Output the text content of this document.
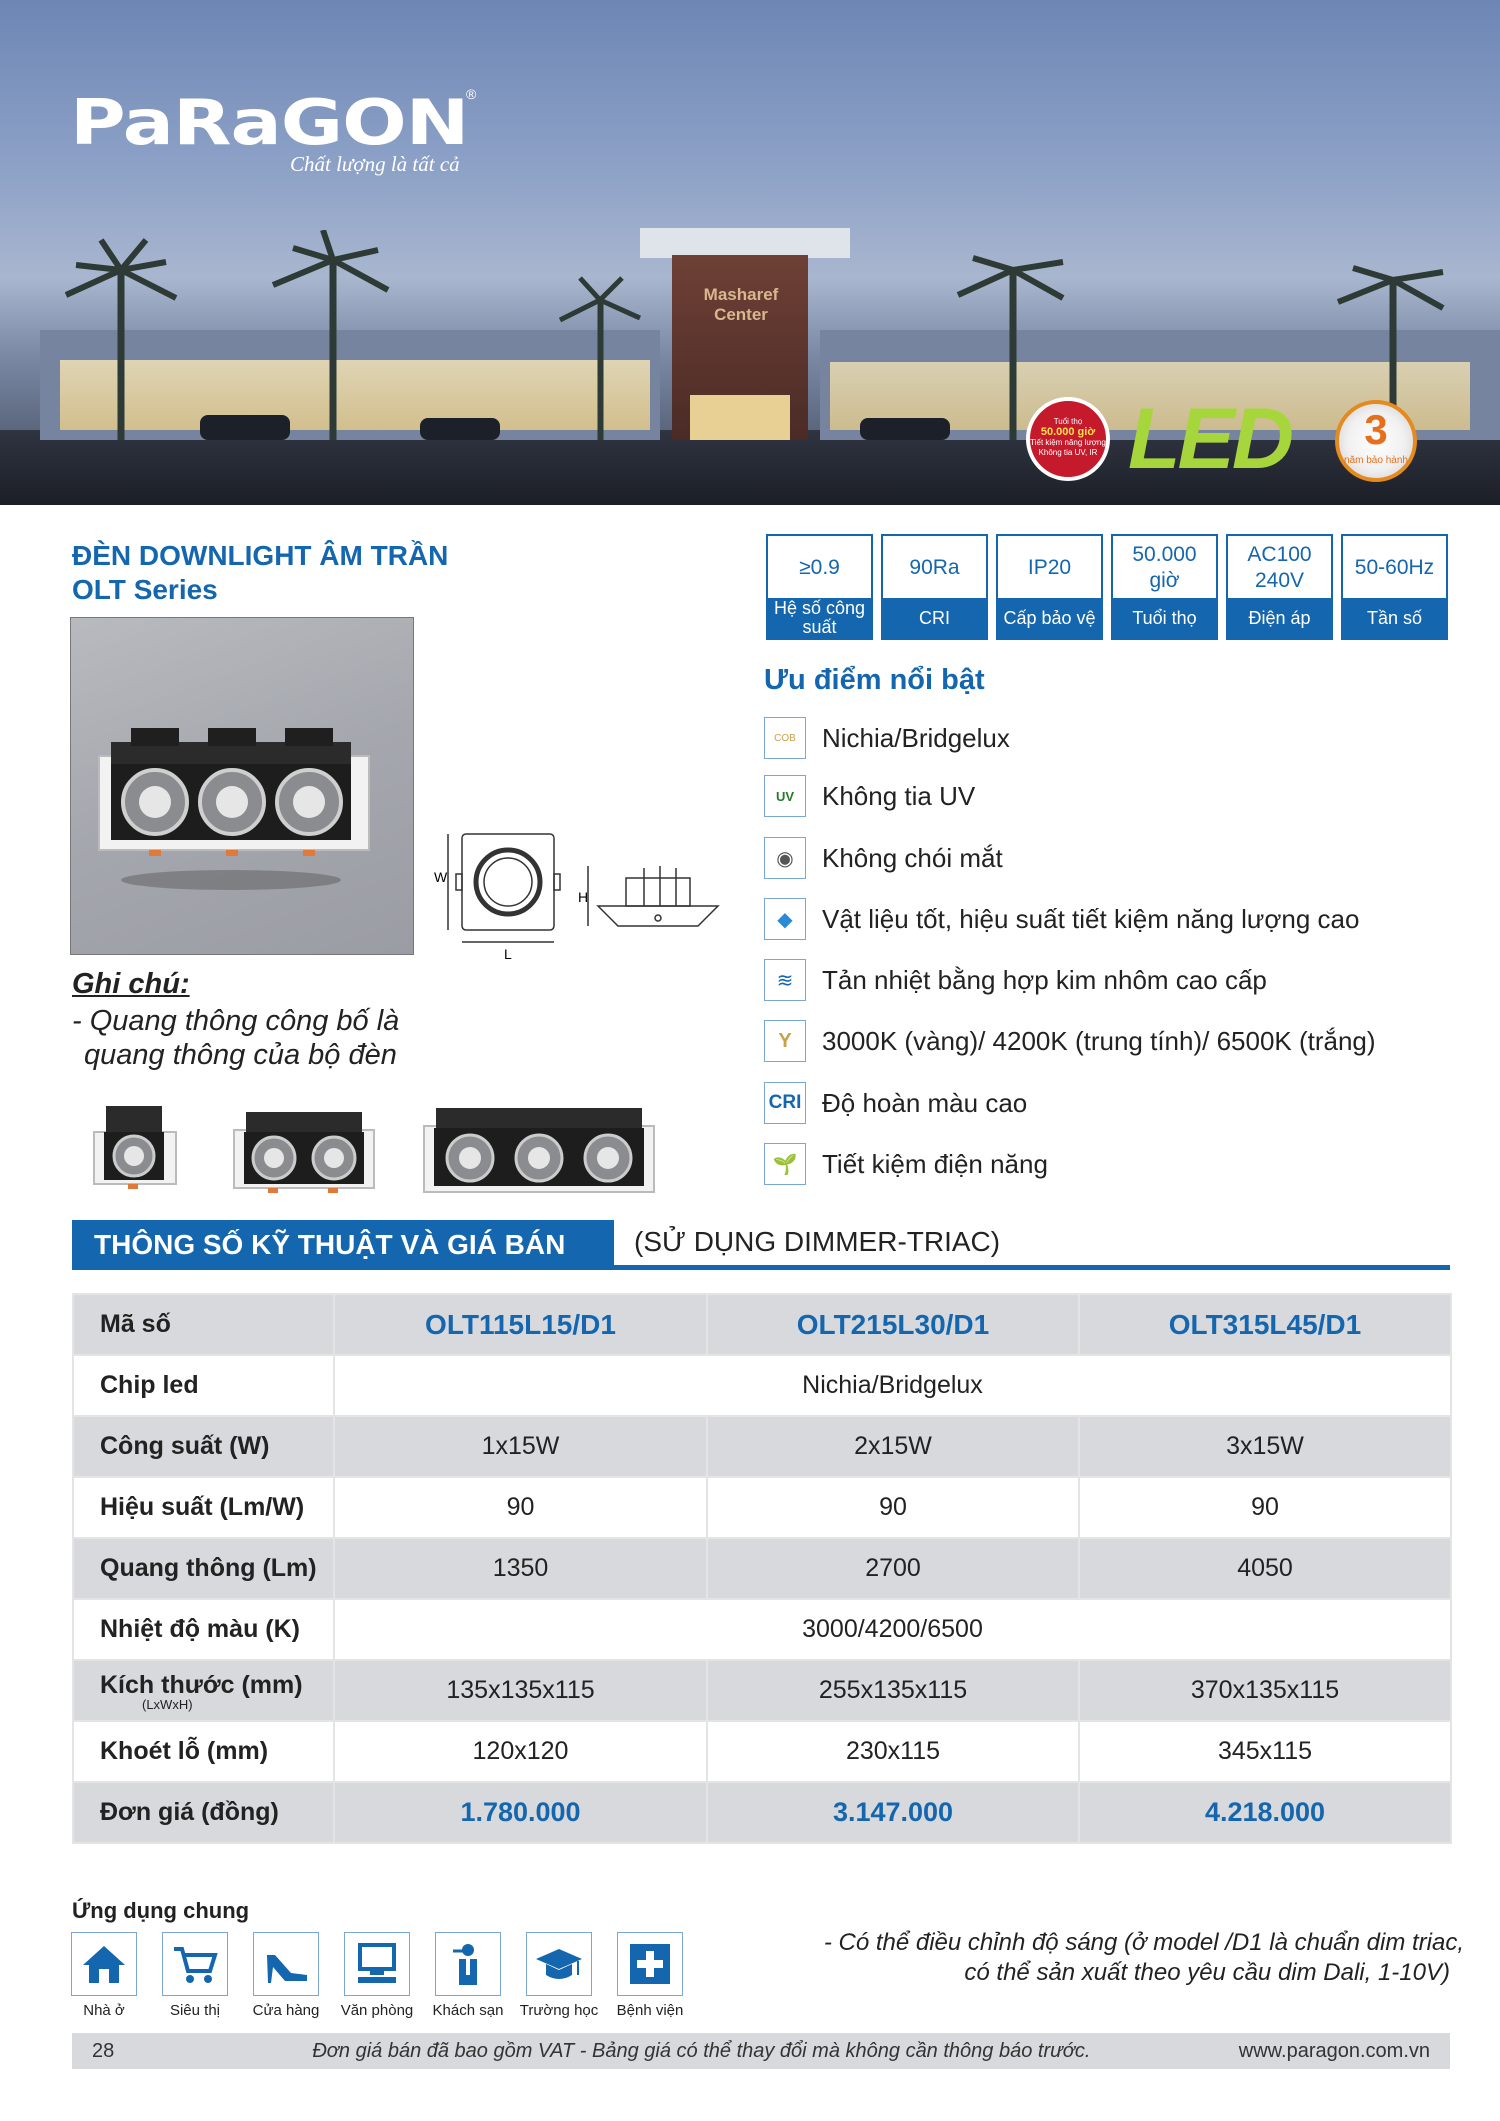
Masharef Center
PaRaGON
®
Chất lượng là tất cả
Tuổi thọ
50.000 giờ
Tiết kiệm năng lượng
Không tia UV, IR LED	3
năm bảo hành
ĐÈN DOWNLIGHT ÂM TRẦN
OLT Series
W
L
H
≥0.9
Hệ số công suất
90Ra
CRI
IP20
Cấp bảo vệ
50.000 giờ
Tuổi thọ
AC100 240V
Điện áp
50-60Hz
Tần số
Ưu điểm nổi bật
COB	Nichia/Bridgelux
UV	Không tia UV
◉	Không chói mắt
◆	Vật liệu tốt, hiệu suất tiết kiệm năng lượng cao
≋	Tản nhiệt bằng hợp kim nhôm cao cấp
Y	3000K (vàng)/ 4200K (trung tính)/ 6500K (trắng)
CRI Độ hoàn màu cao
🌱 Tiết kiệm điện năng
Ghi chú:
- Quang thông công bố là
quang thông của bộ đèn
THÔNG SỐ KỸ THUẬT VÀ GIÁ BÁN	(SỬ DỤNG DIMMER-TRIAC)
Mã số	OLT115L15/D1	OLT215L30/D1	OLT315L45/D1
Chip led	Nichia/Bridgelux		
Công suất (W)	1x15W	2x15W	3x15W
Hiệu suất (Lm/W)	90	90	90
Quang thông (Lm)	1350	2700	4050
Nhiệt độ màu (K)	3000/4200/6500		
Kích thước (mm)
(LxWxH)	135x135x115	255x135x115	370x135x115
Khoét lỗ (mm)	120x120	230x115	345x115
Đơn giá (đồng)	1.780.000	3.147.000	4.218.000
Ứng dụng chung
Nhà ở	Siêu thị	Cửa hàng	Văn phòng	Khách sạn	Trường học	Bệnh viện
- Có thể điều chỉnh độ sáng (ở model /D1 là chuẩn dim triac,
có thể sản xuất theo yêu cầu dim Dali, 1-10V)
28	Đơn giá bán đã bao gồm VAT - Bảng giá có thể thay đổi mà không cần thông báo trước.	www.paragon.com.vn
